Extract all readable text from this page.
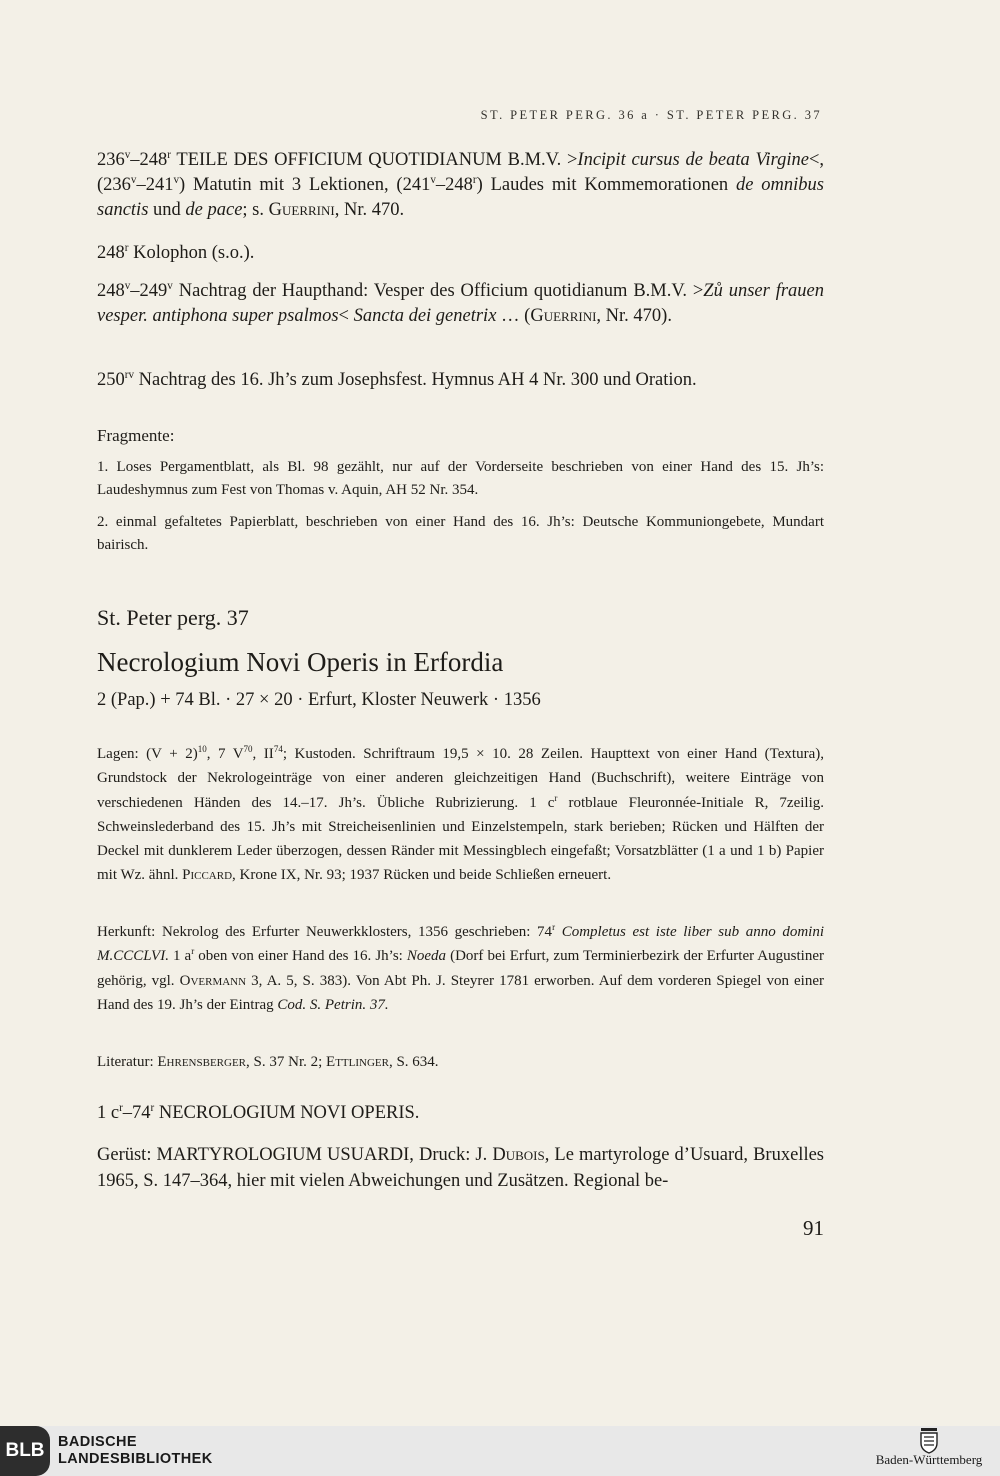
ST. PETER PERG. 36 a · ST. PETER PERG. 37

236$^v$–248$^r$ TEILE DES OFFICIUM QUOTIDIANUM B.M.V. >Incipit cursus de beata Virgine<, (236$^v$–241$^v$) Matutin mit 3 Lektionen, (241$^v$–248$^r$) Laudes mit Kommemorationen de omnibus sanctis und de pace; s. Guerrini, Nr. 470.

248$^r$ Kolophon (s.o.).

248$^v$–249$^v$ Nachtrag der Haupthand: Vesper des Officium quotidianum B.M.V. >Zů unser frauen vesper. antiphona super psalmos< Sancta dei genetrix … (Guerrini, Nr. 470).

$250^{rv}$ Nachtrag des 16. Jh’s zum Josephsfest. Hymnus AH 4 Nr. 300 und Oration.

Fragmente:

1. Loses Pergamentblatt, als Bl. 98 gezählt, nur auf der Vorderseite beschrieben von einer Hand des 15. Jh’s: Laudeshymnus zum Fest von Thomas v. Aquin, AH 52 Nr. 354.

2. einmal gefaltetes Papierblatt, beschrieben von einer Hand des 16. Jh’s: Deutsche Kommuniongebete, Mundart bairisch.

St. Peter perg. 37

Necrologium Novi Operis in Erfordia

2 (Pap.) + 74 Bl. · 27 × 20 · Erfurt, Kloster Neuwerk · 1356

Lagen: $(V + 2)^{10}$, 7 $V^{70}$, II$^{74}$; Kustoden. Schriftraum 19,5 × 10. 28 Zeilen. Haupttext von einer Hand (Textura), Grundstock der Nekrologeinträge von einer anderen gleichzeitigen Hand (Buchschrift), weitere Einträge von verschiedenen Händen des 14.–17. Jh’s. Übliche Rubrizierung. 1 $c^r$ rotblaue Fleuronnée-Initiale R, 7zeilig. Schweinslederband des 15. Jh’s mit Streicheisenlinien und Einzelstempeln, stark berieben; Rücken und Hälften der Deckel mit dunklerem Leder überzogen, dessen Ränder mit Messingblech eingefaßt; Vorsatzblätter (1 a und 1 b) Papier mit Wz. ähnl. Piccard, Krone IX, Nr. 93; 1937 Rücken und beide Schließen erneuert.

Herkunft: Nekrolog des Erfurter Neuwerkklosters, 1356 geschrieben: 74$^r$ Completus est iste liber sub anno domini M.CCCLVI. 1 $a^r$ oben von einer Hand des 16. Jh’s: Noeda (Dorf bei Erfurt, zum Terminierbezirk der Erfurter Augustiner gehörig, vgl. Overmann 3, A. 5, S. 383). Von Abt Ph. J. Steyrer 1781 erworben. Auf dem vorderen Spiegel von einer Hand des 19. Jh’s der Eintrag Cod. S. Petrin. 37.

Literatur: Ehrensberger, S. 37 Nr. 2; Ettlinger, S. 634.

1 $c^r-74^r$ NECROLOGIUM NOVI OPERIS.

Gerüst: MARTYROLOGIUM USUARDI, Druck: J. Dubois, Le martyrologe d’Usuard, Bruxelles 1965, S. 147–364, hier mit vielen Abweichungen und Zusätzen. Regional be-

91
BLB BADISCHE
LANDESBIBLIOTHEK	Baden-Württemberg
